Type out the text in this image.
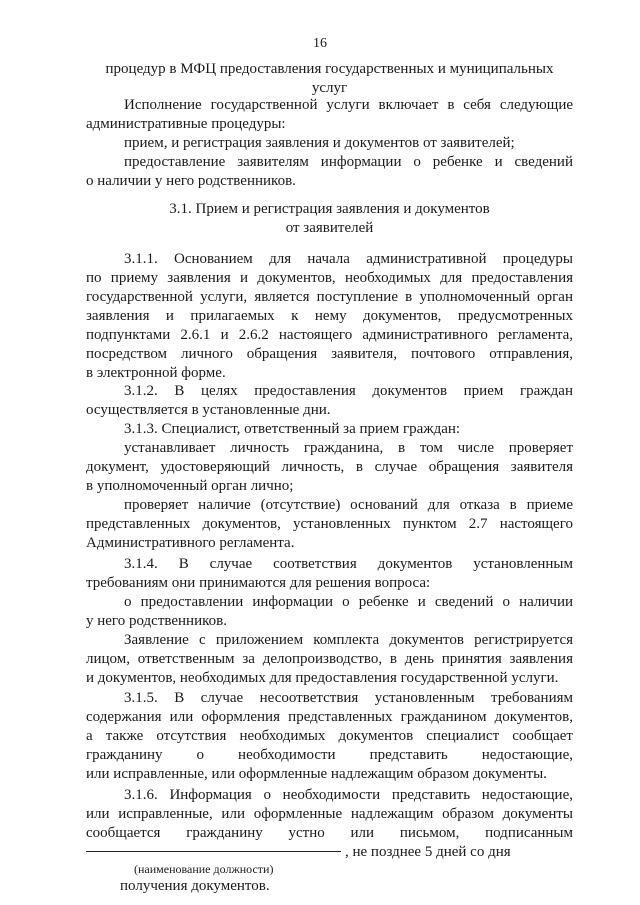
16
процедур в МФЦ предоставления государственных и муниципальных
услуг
Исполнение государственной услуги включает в себя следующие
административные процедуры:
прием, и регистрация заявления и документов от заявителей;
предоставление заявителям информации о ребенке и сведений
о наличии у него родственников.
3.1. Прием и регистрация заявления и документов
от заявителей
3.1.1. Основанием для начала административной процедуры
по приему заявления и документов, необходимых для предоставления
государственной услуги, является поступление в уполномоченный орган
заявления и прилагаемых к нему документов, предусмотренных
подпунктами 2.6.1 и 2.6.2 настоящего административного регламента,
посредством личного обращения заявителя, почтового отправления,
в электронной форме.
3.1.2. В целях предоставления документов прием граждан
осуществляется в установленные дни.
3.1.3. Специалист, ответственный за прием граждан:
устанавливает личность гражданина, в том числе проверяет
документ, удостоверяющий личность, в случае обращения заявителя
в уполномоченный орган лично;
проверяет наличие (отсутствие) оснований для отказа в приеме
представленных документов, установленных пунктом 2.7 настоящего
Административного регламента.
3.1.4. В случае соответствия документов установленным
требованиям они принимаются для решения вопроса:
о предоставлении информации о ребенке и сведений о наличии
у него родственников.
Заявление с приложением комплекта документов регистрируется
лицом, ответственным за делопроизводство, в день принятия заявления
и документов, необходимых для предоставления государственной услуги.
3.1.5. В случае несоответствия установленным требованиям
содержания или оформления представленных гражданином документов,
а также отсутствия необходимых документов специалист сообщает
гражданину о необходимости представить недостающие,
или исправленные, или оформленные надлежащим образом документы.
3.1.6. Информация о необходимости представить недостающие,
или исправленные, или оформленные надлежащим образом документы
сообщается гражданину устно или письмом, подписанным
, не позднее 5 дней со дня
(наименование должности)
получения документов.
